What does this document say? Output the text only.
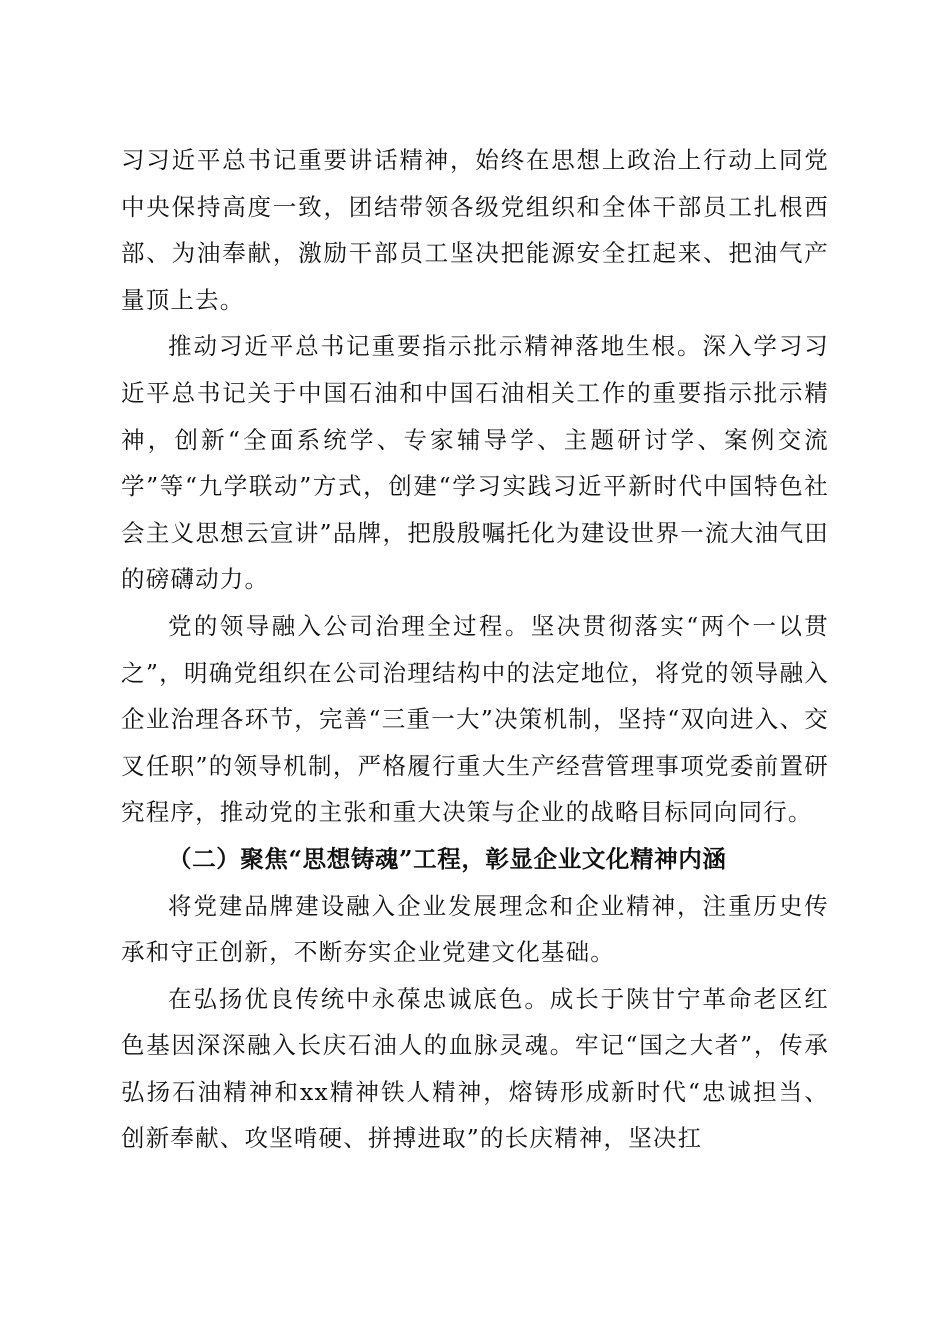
习习近平总书记重要讲话精神，始终在思想上政治上行动上同党中央保持高度一致，团结带领各级党组织和全体干部员工扎根西部、为油奉献，激励干部员工坚决把能源安全扛起来、把油气产量顶上去。

推动习近平总书记重要指示批示精神落地生根。深入学习习近平总书记关于中国石油和中国石油相关工作的重要指示批示精神，创新“全面系统学、专家辅导学、主题研讨学、案例交流学”等“九学联动”方式，创建“学习实践习近平新时代中国特色社会主义思想云宣讲”品牌，把殷殷嘱托化为建设世界一流大油气田的磅礴动力。

党的领导融入公司治理全过程。坚决贯彻落实“两个一以贯之”，明确党组织在公司治理结构中的法定地位，将党的领导融入企业治理各环节，完善“三重一大”决策机制，坚持“双向进入、交叉任职”的领导机制，严格履行重大生产经营管理事项党委前置研究程序，推动党的主张和重大决策与企业的战略目标同向同行。

（二）聚焦“思想铸魂”工程，彰显企业文化精神内涵

将党建品牌建设融入企业发展理念和企业精神，注重历史传承和守正创新，不断夯实企业党建文化基础。

在弘扬优良传统中永葆忠诚底色。成长于陕甘宁革命老区红色基因深深融入长庆石油人的血脉灵魂。牢记“国之大者”，传承弘扬石油精神和xx精神铁人精神，熔铸形成新时代“忠诚担当、创新奉献、攻坚啃硬、拼搏进取”的长庆精神，坚决扛
